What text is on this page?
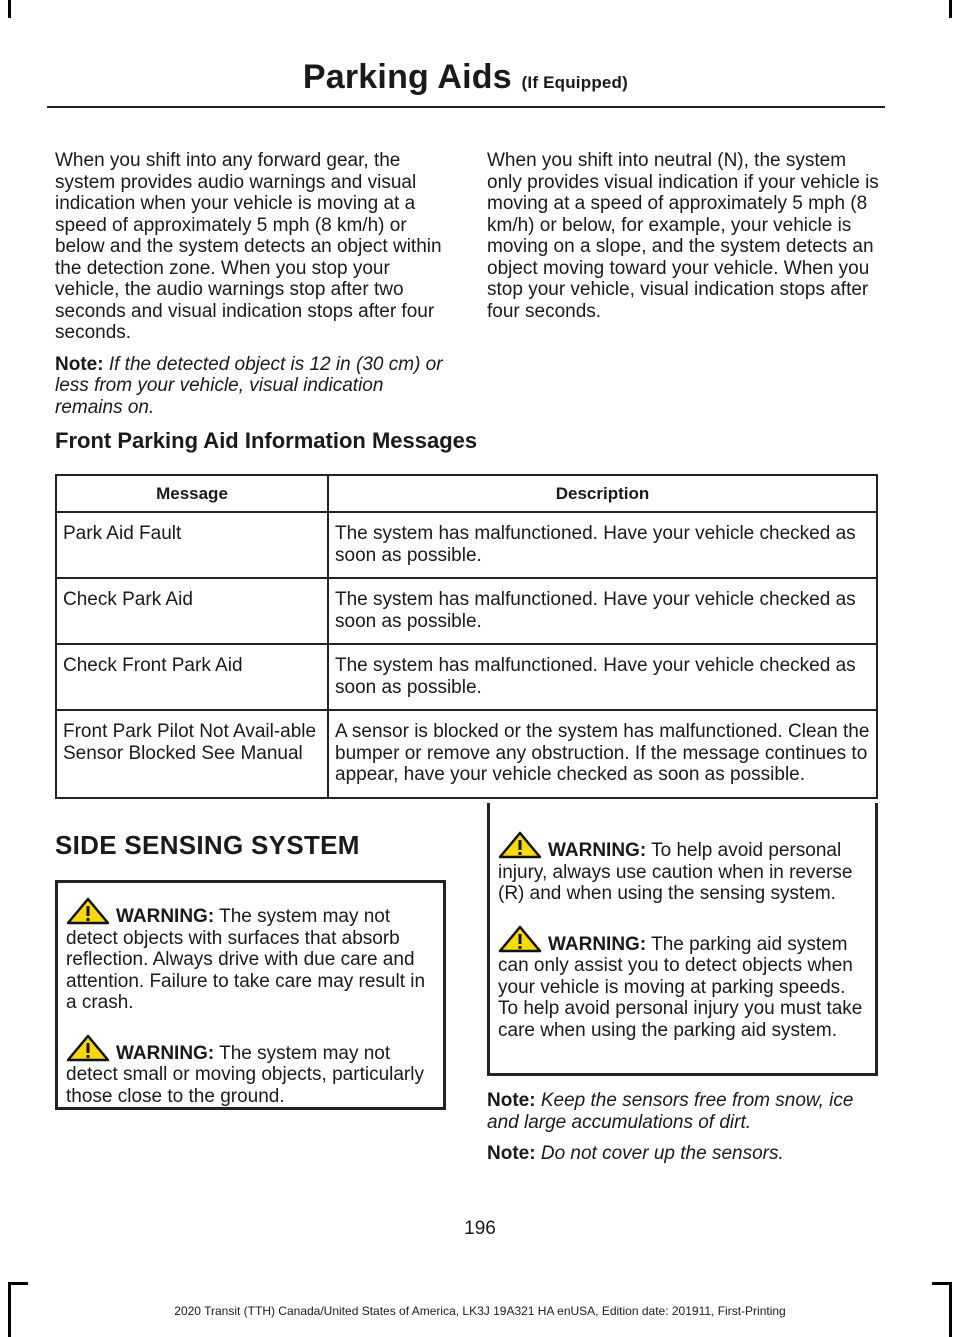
Parking Aids (If Equipped)

When you shift into any forward gear, the system provides audio warnings and visual indication when your vehicle is moving at a speed of approximately 5 mph (8 km/h) or below and the system detects an object within the detection zone. When you stop your vehicle, the audio warnings stop after two seconds and visual indication stops after four seconds.

Note: If the detected object is 12 in (30 cm) or less from your vehicle, visual indication remains on.

When you shift into neutral (N), the system only provides visual indication if your vehicle is moving at a speed of approximately 5 mph (8 km/h) or below, for example, your vehicle is moving on a slope, and the system detects an object moving toward your vehicle. When you stop your vehicle, visual indication stops after four seconds.

Front Parking Aid Information Messages
Message	Description
Park Aid Fault	The system has malfunctioned. Have your vehicle checked as soon as possible.
Check Park Aid	The system has malfunctioned. Have your vehicle checked as soon as possible.
Check Front Park Aid	The system has malfunctioned. Have your vehicle checked as soon as possible.
Front Park Pilot Not Avail-able Sensor Blocked See Manual	A sensor is blocked or the system has malfunctioned. Clean the bumper or remove any obstruction. If the message continues to appear, have your vehicle checked as soon as possible.
SIDE SENSING SYSTEM

WARNING: The system may not detect objects with surfaces that absorb reflection. Always drive with due care and attention. Failure to take care may result in a crash.

WARNING: The system may not detect small or moving objects, particularly those close to the ground.

WARNING: To help avoid personal injury, always use caution when in reverse (R) and when using the sensing system.

WARNING: The parking aid system can only assist you to detect objects when your vehicle is moving at parking speeds. To help avoid personal injury you must take care when using the parking aid system.

Note: Keep the sensors free from snow, ice and large accumulations of dirt.

Note: Do not cover up the sensors.

196
2020 Transit (TTH) Canada/United States of America, LK3J 19A321 HA enUSA, Edition date: 201911, First-Printing
